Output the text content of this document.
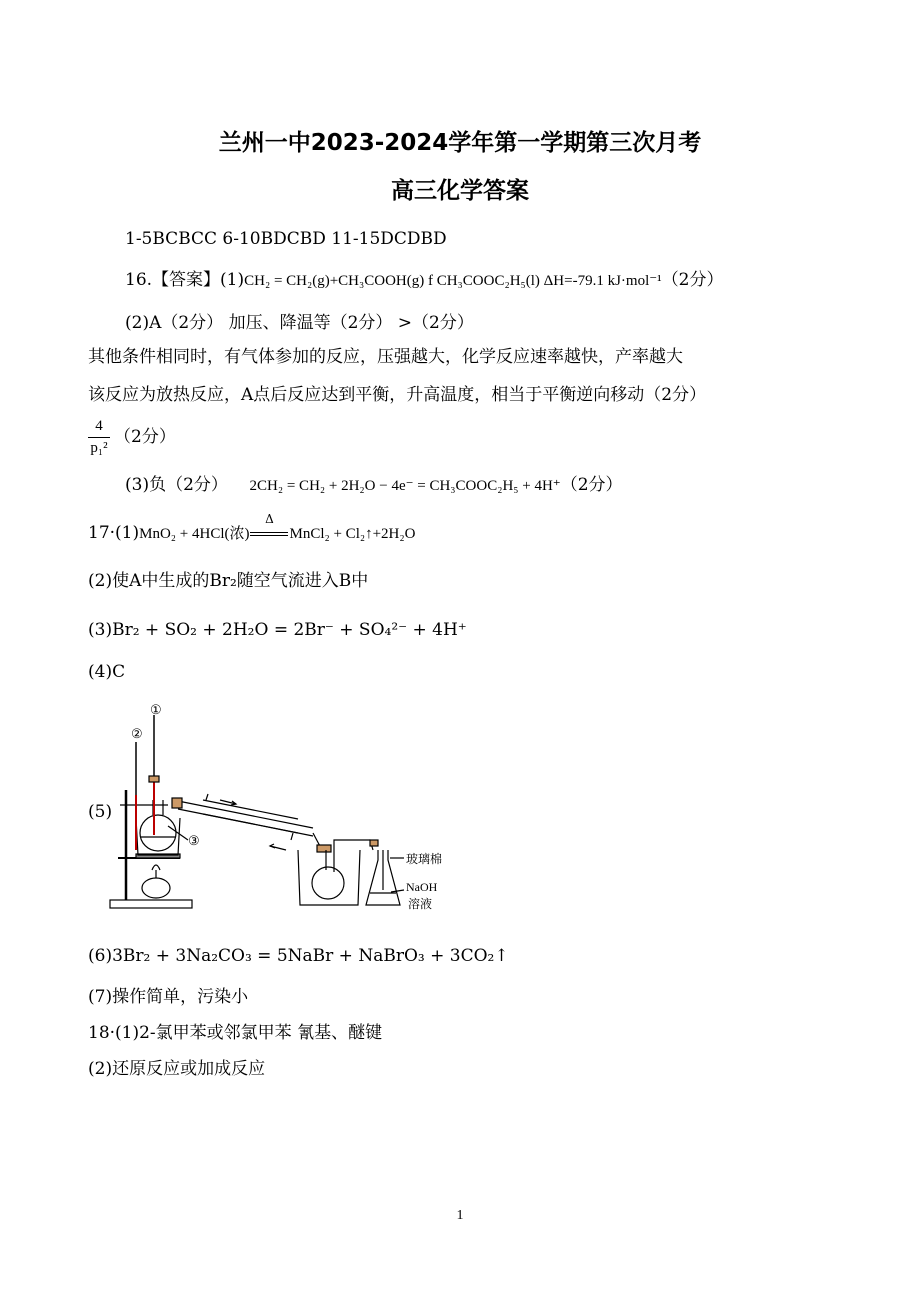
兰州一中2023-2024学年第一学期第三次月考
高三化学答案
1-5BCBCC 6-10BDCBD 11-15DCDBD
16.【答案】(1)CH₂ = CH₂(g)+CH₃COOH(g) f CH₃COOC₂H₅(l) ΔH=-79.1 kJ·mol⁻¹（2分）
(2)A（2分） 加压、降温等（2分） >（2分）
其他条件相同时，有气体参加的反应，压强越大，化学反应速率越快，产率越大
该反应为放热反应，A点后反应达到平衡，升高温度，相当于平衡逆向移动（2分）
4
p₁²
（2分）
(3)负（2分） 2CH₂ = CH₂ + 2H₂O − 4e⁻ = CH₃COOC₂H₅ + 4H⁺（2分）
17·(1)MnO₂ + 4HCl(浓)
Δ
MnCl₂ + Cl₂↑+2H₂O
(2)使A中生成的Br₂随空气流进入B中
(3)Br₂ + SO₂ + 2H₂O = 2Br⁻ + SO₄²⁻ + 4H⁺
(4)C
(5)
①
②
③
玻璃棉
NaOH
溶液
(6)3Br₂ + 3Na₂CO₃ = 5NaBr + NaBrO₃ + 3CO₂↑
(7)操作简单，污染小
18·(1)2-氯甲苯或邻氯甲苯 氰基、醚键
(2)还原反应或加成反应
1
